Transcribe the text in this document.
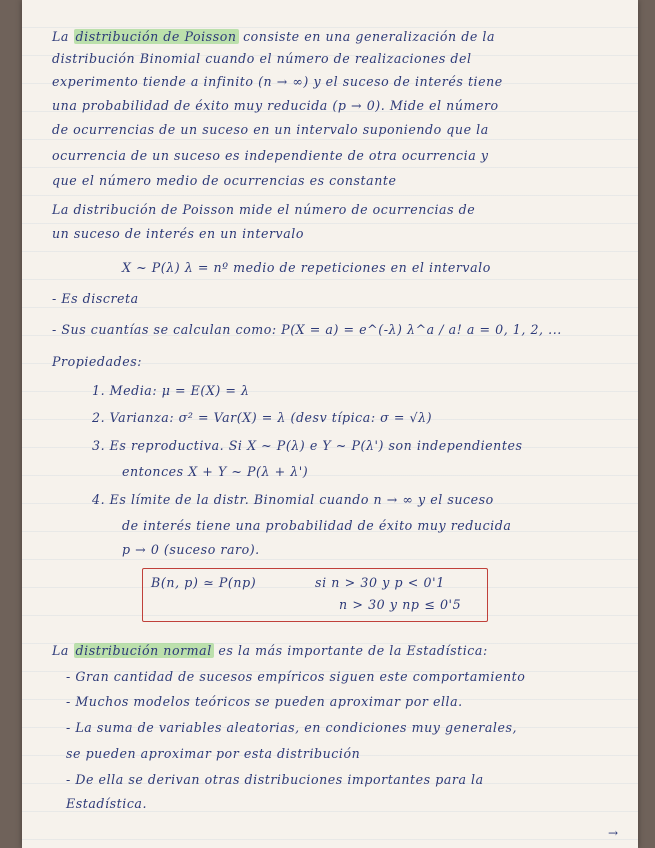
La distribución de Poisson consiste en una generalización de la
distribución Binomial cuando el número de realizaciones del
experimento tiende a infinito (n → ∞) y el suceso de interés tiene
una probabilidad de éxito muy reducida (p → 0). Mide el número
de ocurrencias de un suceso en un intervalo suponiendo que la
ocurrencia de un suceso es independiente de otra ocurrencia y
que el número medio de ocurrencias es constante
La distribución de Poisson mide el número de ocurrencias de
un suceso de interés en un intervalo
X ~ P(λ) λ = nº medio de repeticiones en el intervalo
- Es discreta
- Sus cuantías se calculan como: P(X = a) = e^(-λ) λ^a / a! a = 0, 1, 2, ...
Propiedades:
1. Media: μ = E(X) = λ
2. Varianza: σ² = Var(X) = λ (desv típica: σ = √λ)
3. Es reproductiva. Si X ~ P(λ) e Y ~ P(λ') son independientes
entonces X + Y ~ P(λ + λ')
4. Es límite de la distr. Binomial cuando n → ∞ y el suceso
de interés tiene una probabilidad de éxito muy reducida
p → 0 (suceso raro).
B(n, p) ≃ P(np)	si n > 30 y p < 0'1
n > 30 y np ≤ 0'5
La distribución normal es la más importante de la Estadística:
- Gran cantidad de sucesos empíricos siguen este comportamiento
- Muchos modelos teóricos se pueden aproximar por ella.
- La suma de variables aleatorias, en condiciones muy generales,
se pueden aproximar por esta distribución
- De ella se derivan otras distribuciones importantes para la
Estadística.
→
